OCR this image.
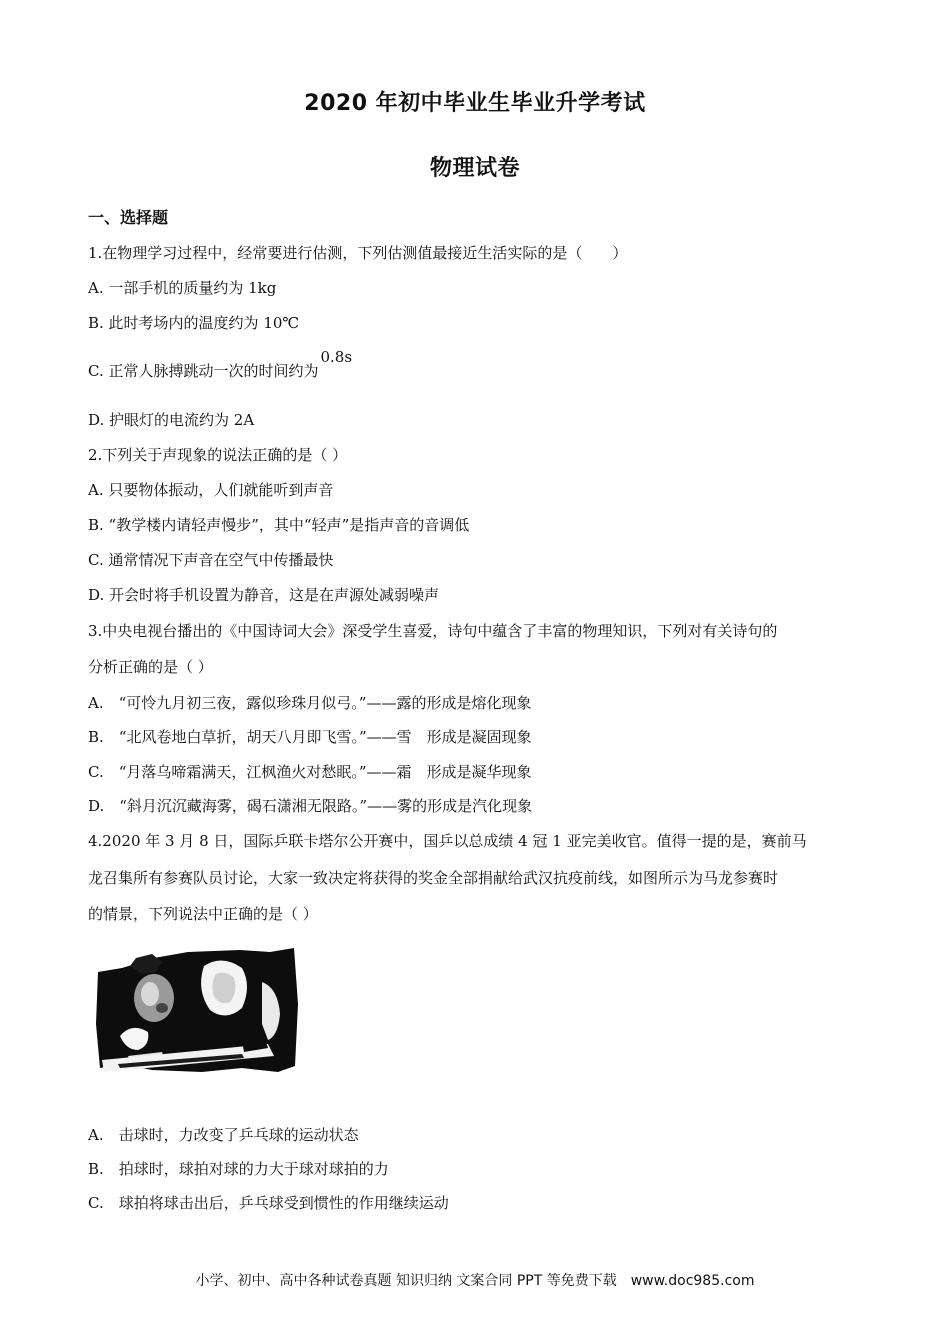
2020 年初中毕业生毕业升学考试
物理试卷
一、选择题
1.在物理学习过程中，经常要进行估测，下列估测值最接近生活实际的是（　　）
A. 一部手机的质量约为 1kg
B. 此时考场内的温度约为 10℃
C. 正常人脉搏跳动一次的时间约为0.8s
D. 护眼灯的电流约为 2A
2.下列关于声现象的说法正确的是（ ）
A. 只要物体振动，人们就能听到声音
B. “教学楼内请轻声慢步”，其中“轻声”是指声音的音调低
C. 通常情况下声音在空气中传播最快
D. 开会时将手机设置为静音，这是在声源处减弱噪声
3.中央电视台播出的《中国诗词大会》深受学生喜爱，诗句中蕴含了丰富的物理知识，下列对有关诗句的
分析正确的是（ ）
A.　“可怜九月初三夜，露似珍珠月似弓。”——露的形成是熔化现象
B.　“北风卷地白草折，胡天八月即飞雪。”——雪　形成是凝固现象
C.　“月落乌啼霜满天，江枫渔火对愁眠。”——霜　形成是凝华现象
D.　“斜月沉沉藏海雾，碣石潇湘无限路。”——雾的形成是汽化现象
4.2020 年 3 月 8 日，国际乒联卡塔尔公开赛中，国乒以总成绩 4 冠 1 亚完美收官。值得一提的是，赛前马
龙召集所有参赛队员讨论，大家一致决定将获得的奖金全部捐献给武汉抗疫前线，如图所示为马龙参赛时
的情景，下列说法中正确的是（ ）
A.　击球时，力改变了乒乓球的运动状态
B.　拍球时，球拍对球的力大于球对球拍的力
C.　球拍将球击出后，乒乓球受到惯性的作用继续运动
小学、初中、高中各种试卷真题 知识归纳 文案合同 PPT 等免费下载　www.doc985.com
